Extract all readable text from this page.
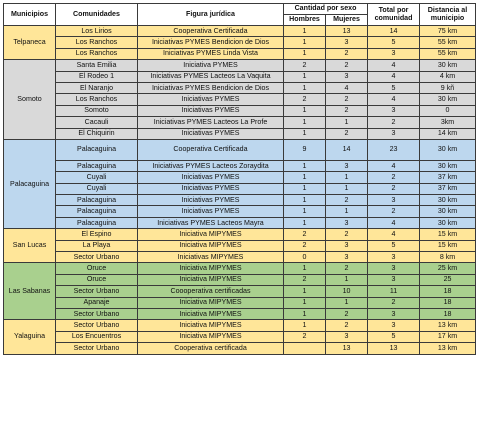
Municipios	Comunidades	Figura jurídica	Cantidad por sexo		Total por comunidad	Distancia al municipio
			Hombres	Mujeres		
Telpaneca	Los Lirios	Cooperativa Certificada	1	13	14	75 km
	Los Ranchos	Iniciativas PYMES Bendicion de Dios	1	3	5	55 km
	Los Ranchos	Iniciativas PYMES Linda Vista	1	2	3	55 km
Somoto	Santa Emilia	Iniciativa PYMES	2	2	4	30 km
	El Rodeo 1	Iniciativas PYMES Lacteos La Vaquita	1	3	4	4 km
	El Naranjo	Iniciativas PYMES Bendicion de Dios	1	4	5	9 kñ
	Los Ranchos	Iniciativas PYMES	2	2	4	30 km
	Somoto	Iniciativas PYMES	1	2	3	0
	Cacauli	Iniciativas PYMES Lacteos La Profe	1	1	2	3km
	El Chiquirin	Iniciativas PYMES	1	2	3	14 km
Palacaguina	Palacaguina	Cooperativa Certificada	9	14	23	30 km
	Palacaguina	Iniciativas PYMES Lacteos Zoraydita	1	3	4	30 km
	Cuyali	Iniciativas PYMES	1	1	2	37 km
	Cuyali	Iniciativas PYMES	1	1	2	37 km
	Palacaguina	Iniciativas PYMES	1	2	3	30 km
	Palacaguina	Iniciativas PYMES	1	1	2	30 km
	Palacaguina	Iniciativas PYMES Lacteos Mayra	1	3	4	30 km
San Lucas	El Espino	Iniciativa MIPYMES	2	2	4	15 km
	La Playa	Iniciativa MIPYMES	2	3	5	15 km
	Sector Urbano	Iniciativas MIPYMES	0	3	3	8 km
Las Sabanas	Oruce	Iniciativa MIPYMES	1	2	3	25 km
	Oruce	Iniciativa MIPYMES	2	1	3	25
	Sector Urbano	Coooperativa certificadas	1	10	11	18
	Apanaje	Iniciativa MIPYMES	1	1	2	18
	Sector Urbano	Iniciativa MIPYMES	1	2	3	18
Yalaguina	Sector Urbano	Iniciativa MIPYMES	1	2	3	13 km
	Los Encuentros	Iniciativa MIPYMES	2	3	5	17 km
	Sector Urbano	Cooperativa certificada		13	13	13 km
